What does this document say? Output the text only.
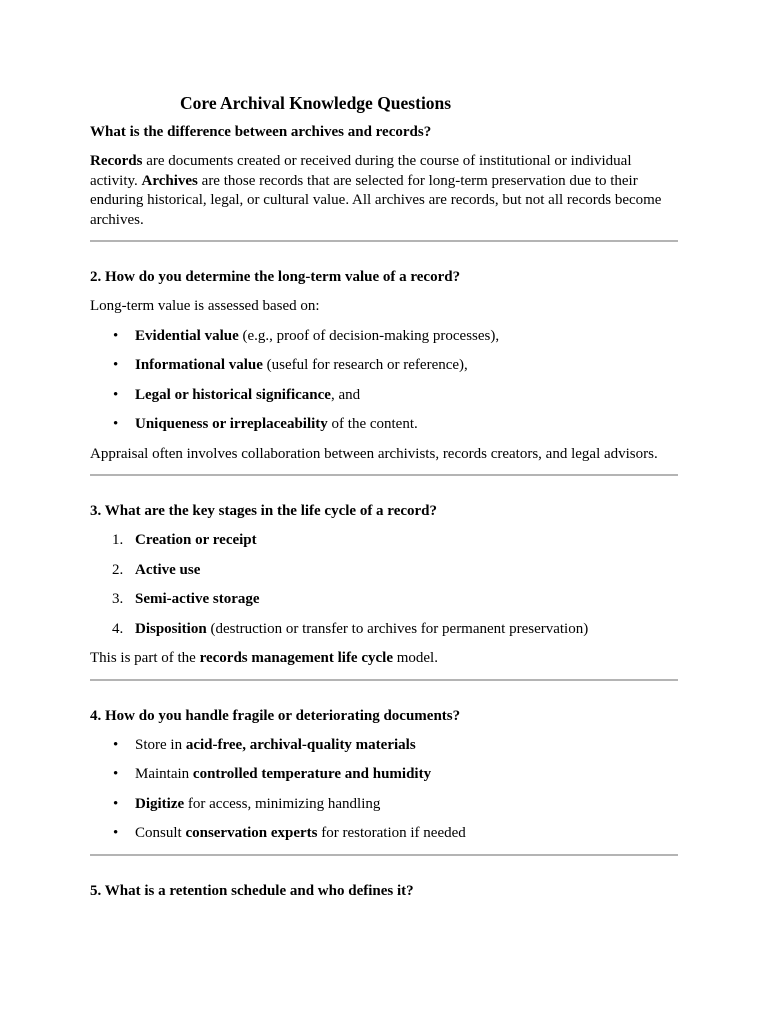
Core Archival Knowledge Questions
What is the difference between archives and records?

Records are documents created or received during the course of institutional or individual activity. Archives are those records that are selected for long-term preservation due to their enduring historical, legal, or cultural value. All archives are records, but not all records become archives.

2. How do you determine the long-term value of a record?

Long-term value is assessed based on:

• Evidential value (e.g., proof of decision-making processes),
• Informational value (useful for research or reference),
• Legal or historical significance, and
• Uniqueness or irreplaceability of the content.

Appraisal often involves collaboration between archivists, records creators, and legal advisors.

3. What are the key stages in the life cycle of a record?
1. Creation or receipt
2. Active use
3. Semi-active storage
4. Disposition (destruction or transfer to archives for permanent preservation)

This is part of the records management life cycle model.

4. How do you handle fragile or deteriorating documents?
• Store in acid-free, archival-quality materials
• Maintain controlled temperature and humidity
• Digitize for access, minimizing handling
• Consult conservation experts for restoration if needed
5. What is a retention schedule and who defines it?
